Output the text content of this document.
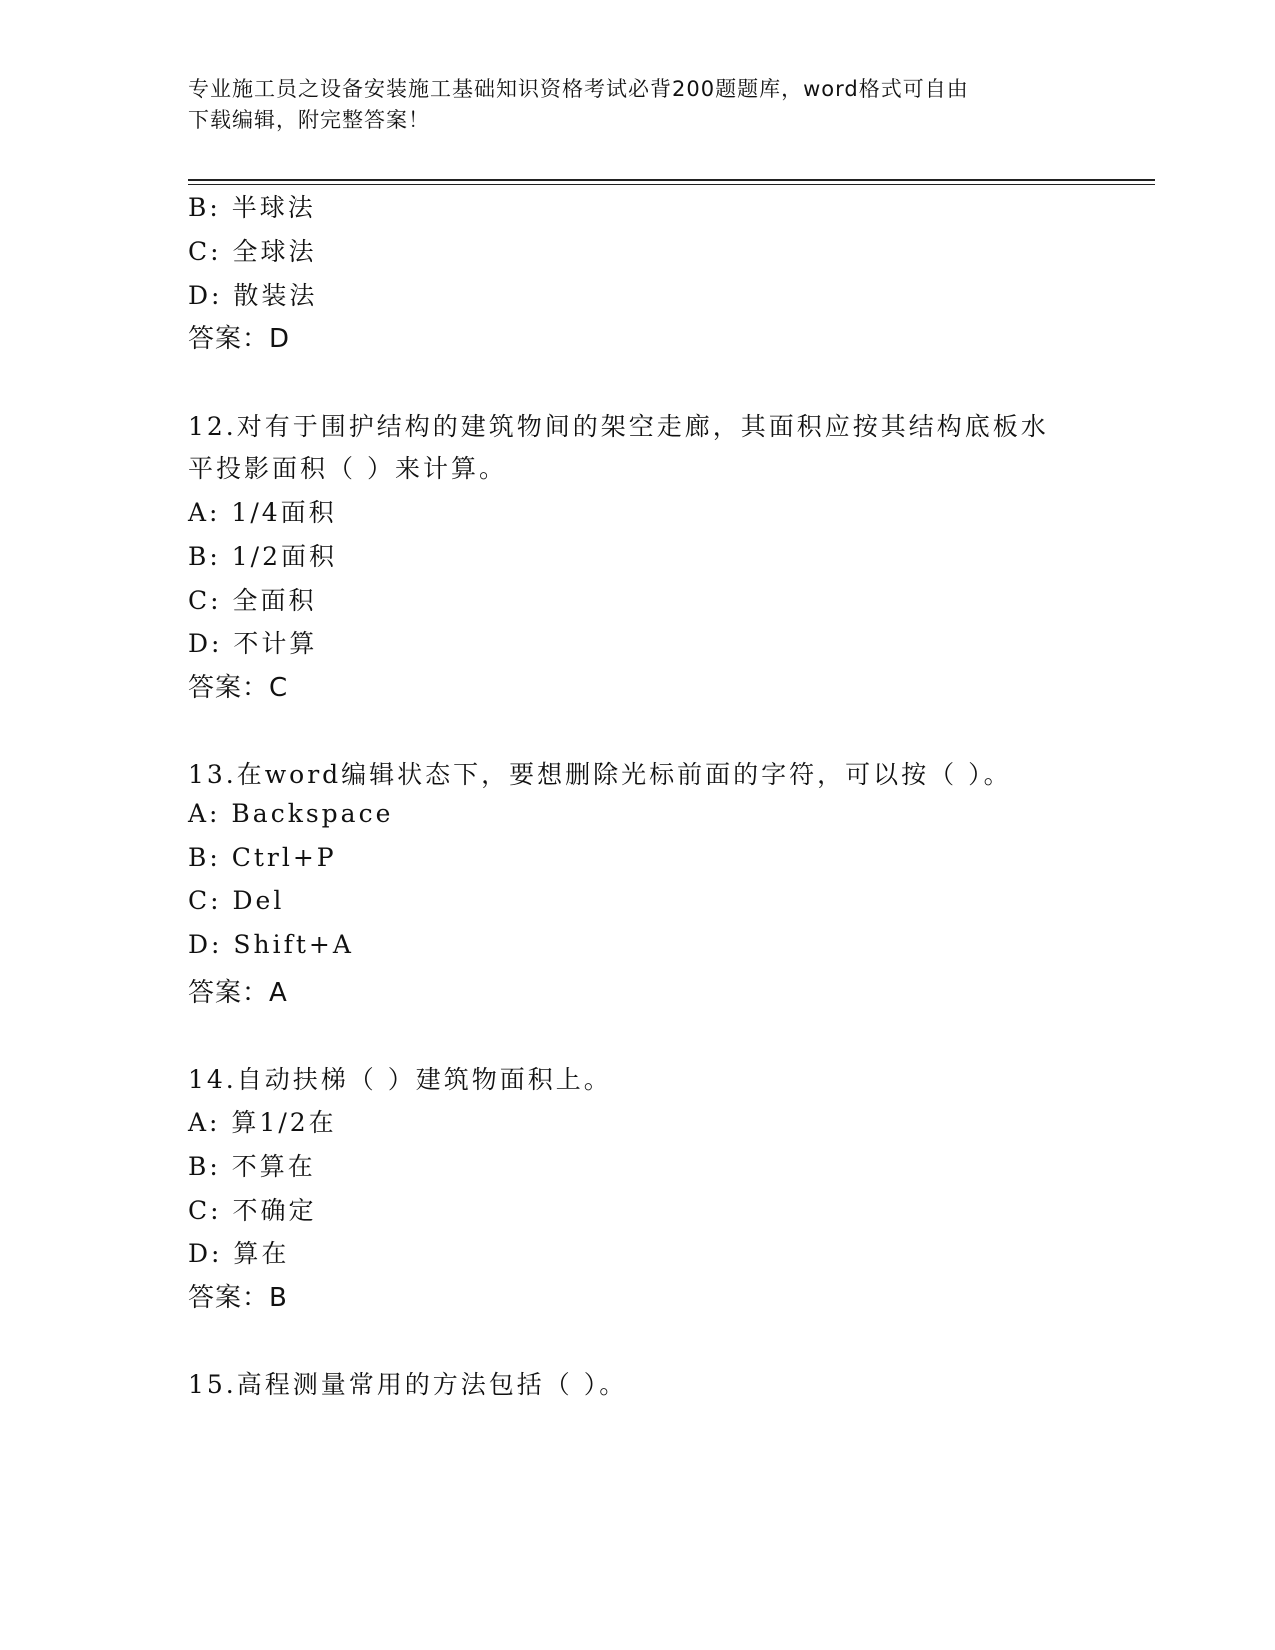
专业施工员之设备安装施工基础知识资格考试必背200题题库，word格式可自由
下载编辑，附完整答案！
B: 半球法
C: 全球法
D: 散装法
答案：D
12.对有于围护结构的建筑物间的架空走廊，其面积应按其结构底板水
平投影面积（ ）来计算。
A: 1/4面积
B: 1/2面积
C: 全面积
D: 不计算
答案：C
13.在word编辑状态下，要想删除光标前面的字符，可以按（ ）。
A: Backspace
B: Ctrl+P
C: Del
D: Shift+A
答案：A
14.自动扶梯（ ）建筑物面积上。
A: 算1/2在
B: 不算在
C: 不确定
D: 算在
答案：B
15.高程测量常用的方法包括（ ）。
